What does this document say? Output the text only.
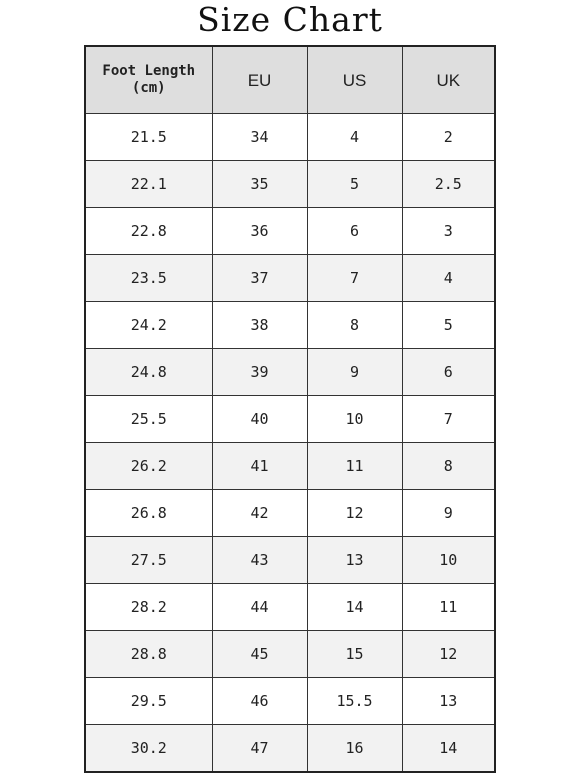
Size Chart
Foot Length
(cm)	EU	US	UK
21.5	34	4	2
22.1	35	5	2.5
22.8	36	6	3
23.5	37	7	4
24.2	38	8	5
24.8	39	9	6
25.5	40	10	7
26.2	41	11	8
26.8	42	12	9
27.5	43	13	10
28.2	44	14	11
28.8	45	15	12
29.5	46	15.5	13
30.2	47	16	14
